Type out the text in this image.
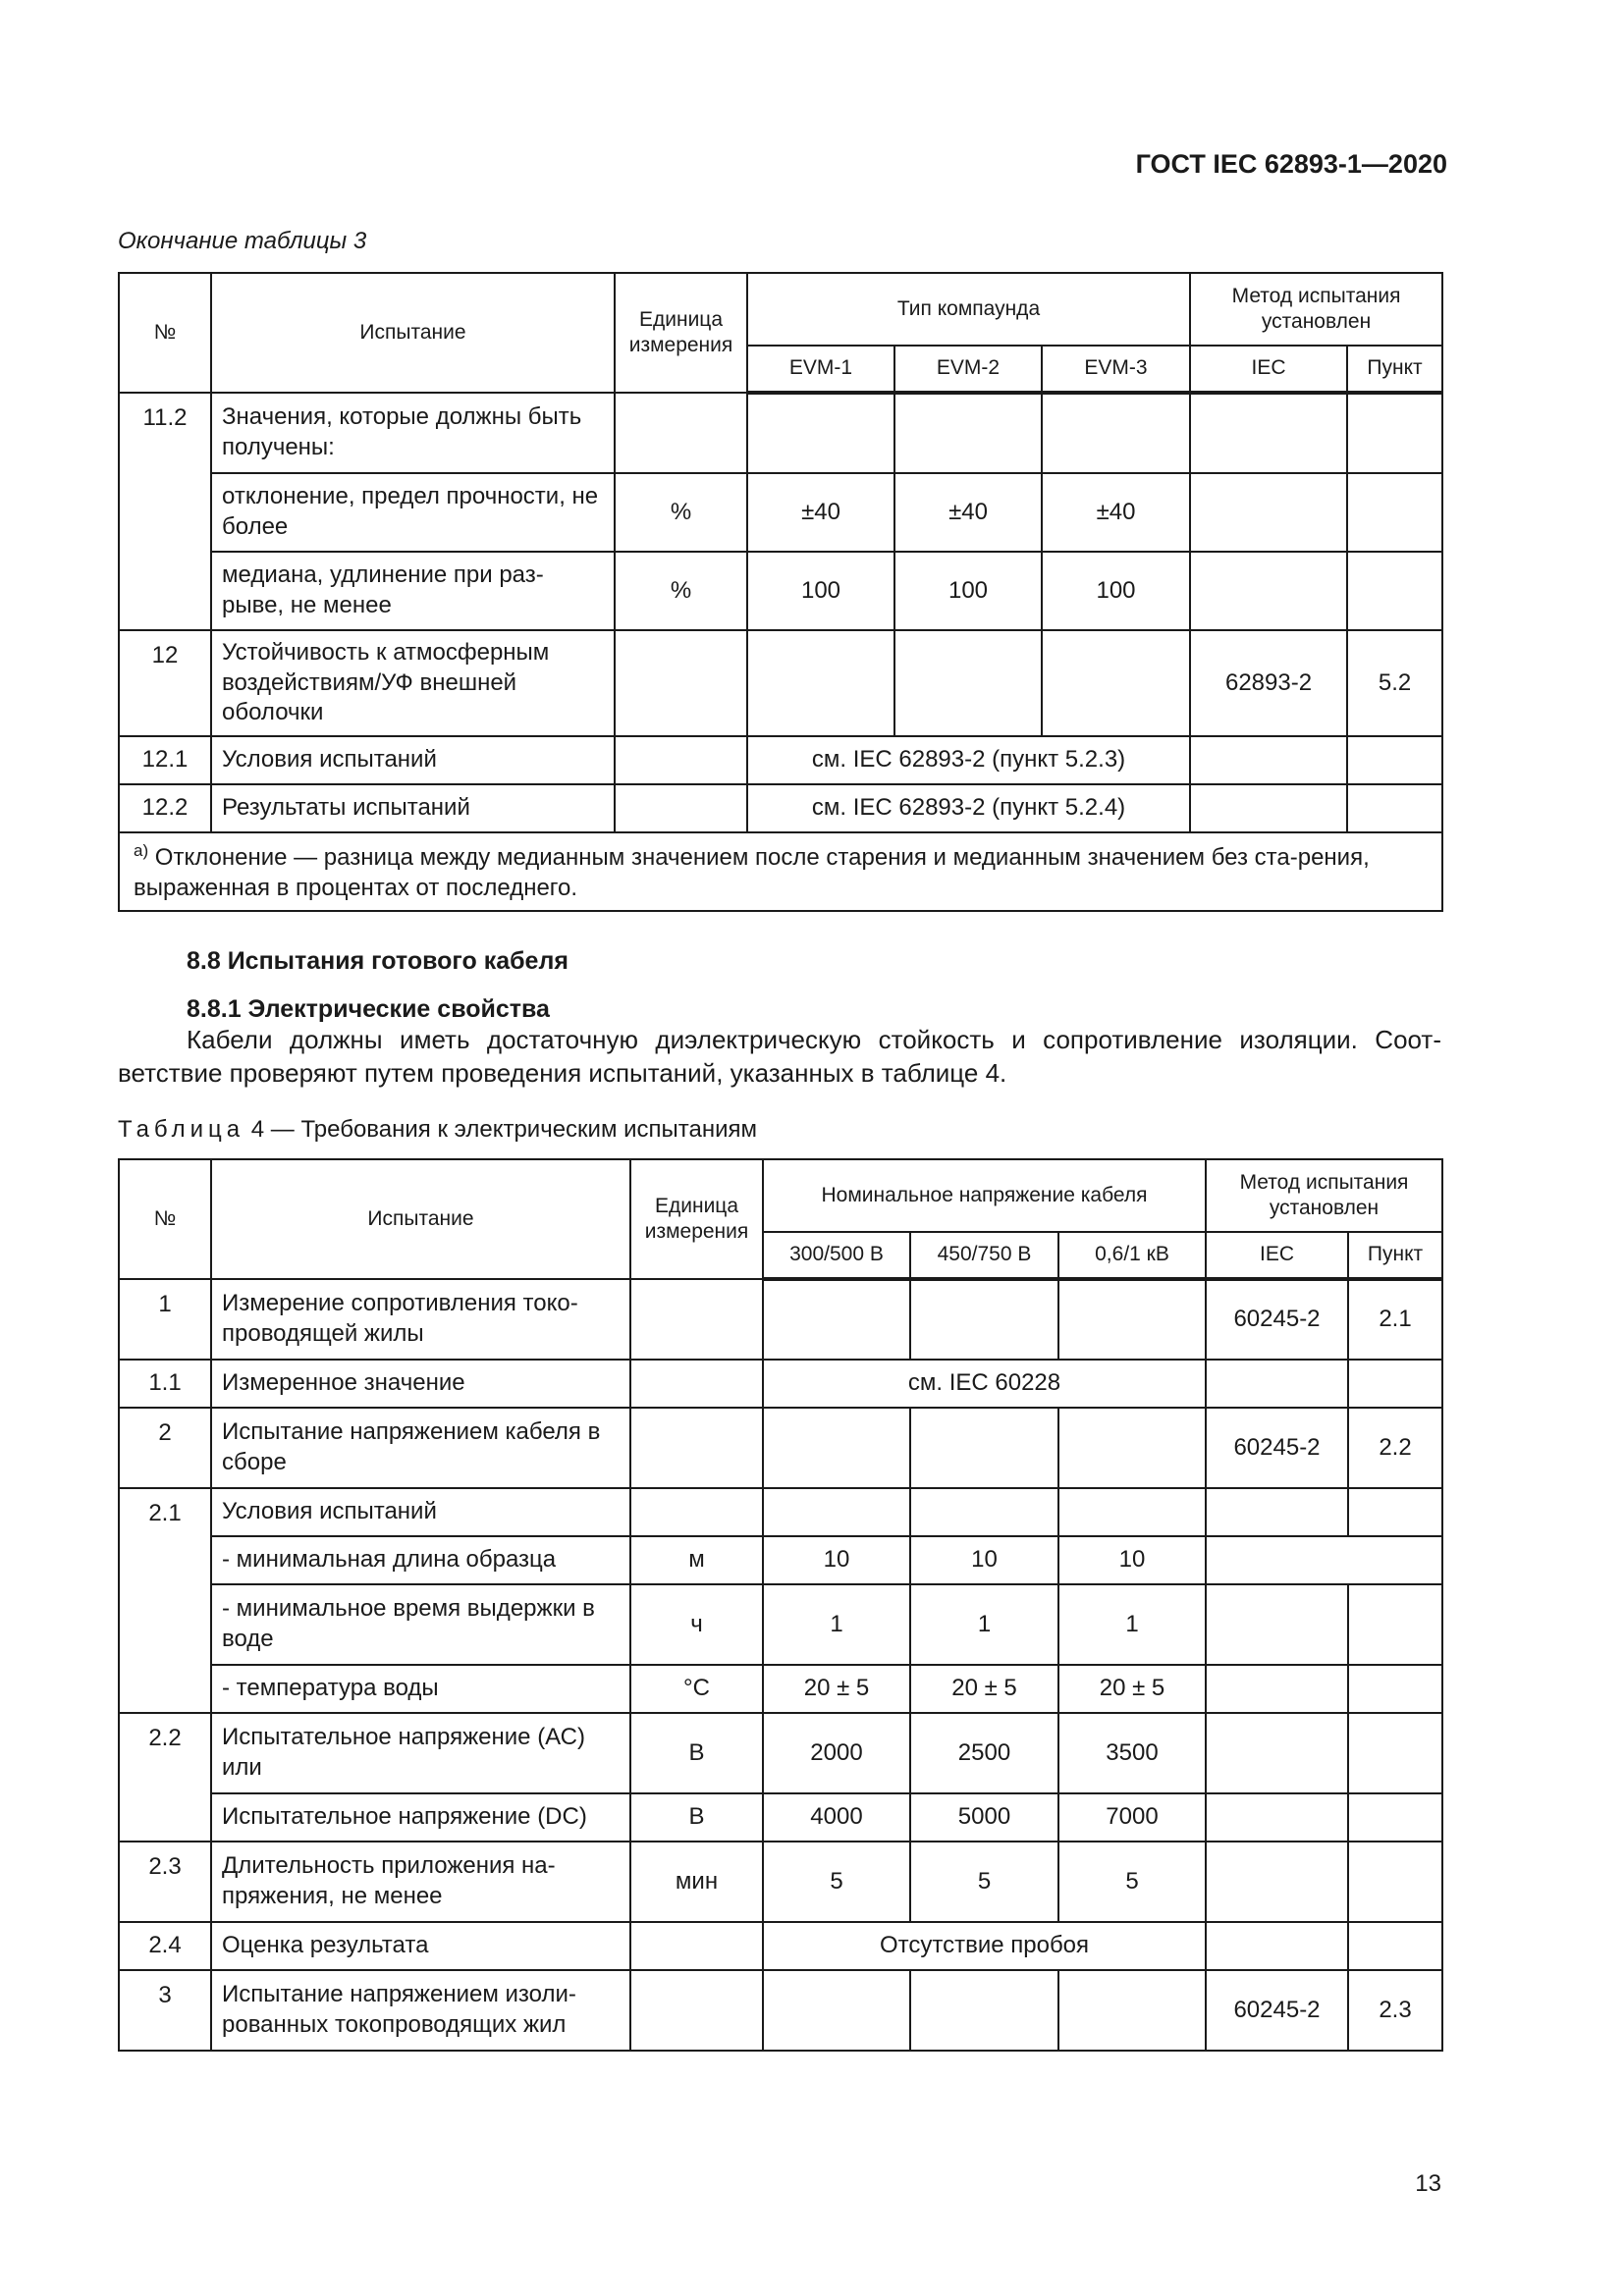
ГОСТ IEC 62893-1—2020
Окончание таблицы 3
№	Испытание	Единица измерения	Тип компаунда			Метод испытания установлен	
			EVM-1	EVM-2	EVM-3	IEC	Пункт
11.2	Значения, которые должны быть получены:						
	отклонение, предел прочности, не более	%	±40	±40	±40		
	медиана, удлинение при раз-рыве, не менее	%	100	100	100		
12	Устойчивость к атмосферным воздействиям/УФ внешней оболочки					62893-2	5.2
12.1	Условия испытаний		см. IEC 62893-2 (пункт 5.2.3)				
12.2	Результаты испытаний		см. IEC 62893-2 (пункт 5.2.4)				
$^{а)}$ Отклонение — разница между медианным значением после старения и медианным значением без ста-рения, выраженная в процентах от последнего.							
8.8 Испытания готового кабеля
8.8.1 Электрические свойства
Кабели должны иметь достаточную диэлектрическую стойкость и сопротивление изоляции. Соот-ветствие проверяют путем проведения испытаний, указанных в таблице 4.
Таблица 4 — Требования к электрическим испытаниям
№	Испытание	Единица измерения	Номинальное напряжение кабеля			Метод испытания установлен	
			300/500 В	450/750 В	0,6/1 кВ	IEC	Пункт
1	Измерение сопротивления токо-проводящей жилы					60245-2	2.1
1.1	Измеренное значение		см. IEC 60228				
2	Испытание напряжением кабеля в сборе					60245-2	2.2
2.1	Условия испытаний						
	- минимальная длина образца	м	10	10	10		
	- минимальное время выдержки в воде	ч	1	1	1		
	- температура воды	°С	20 ± 5	20 ± 5	20 ± 5		
2.2	Испытательное напряжение (АС) или	В	2000	2500	3500		
	Испытательное напряжение (DC)	В	4000	5000	7000		
2.3	Длительность приложения на-пряжения, не менее	мин	5	5	5		
2.4	Оценка результата		Отсутствие пробоя				
3	Испытание напряжением изоли-рованных токопроводящих жил					60245-2	2.3
13
